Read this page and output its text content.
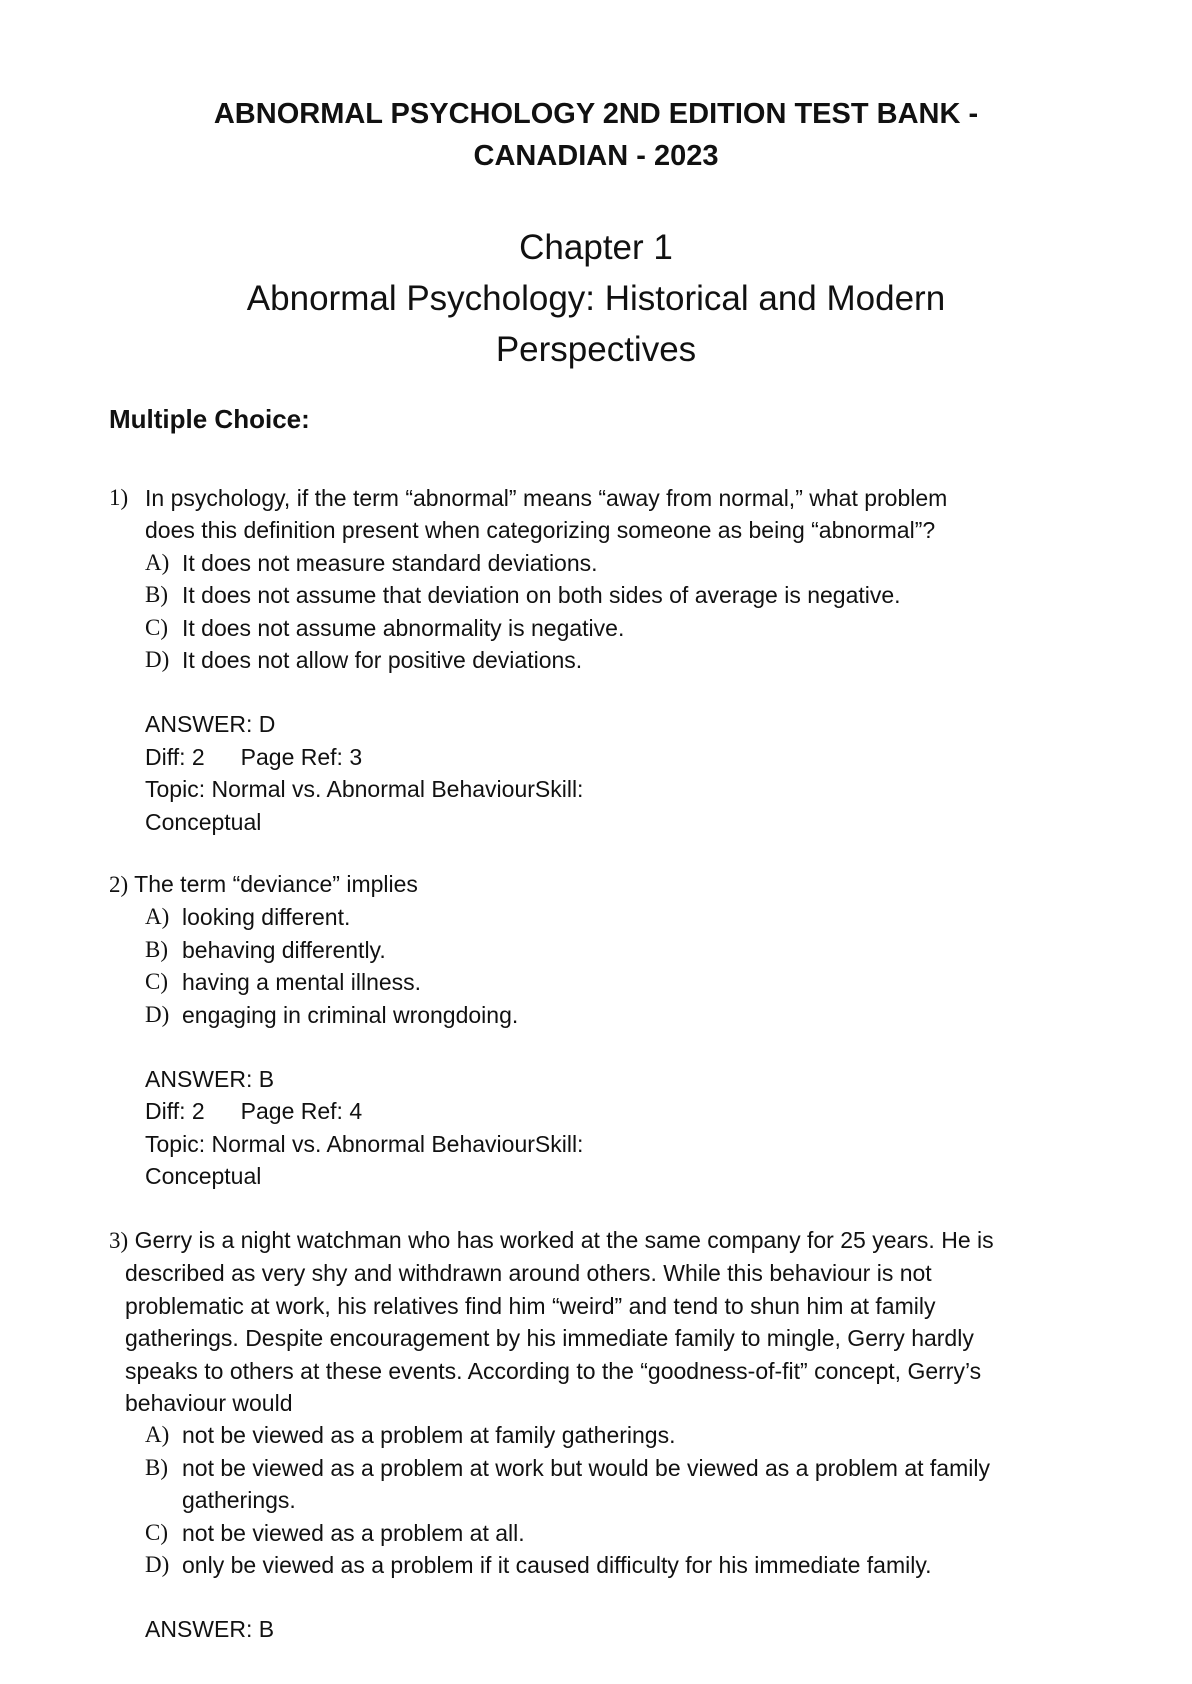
ABNORMAL PSYCHOLOGY 2ND EDITION TEST BANK -
CANADIAN - 2023
Chapter 1
Abnormal Psychology: Historical and Modern
Perspectives
Multiple Choice:
1) In psychology, if the term “abnormal” means “away from normal,” what problem
does this definition present when categorizing someone as being “abnormal”?
A) It does not measure standard deviations.
B) It does not assume that deviation on both sides of average is negative.
C) It does not assume abnormality is negative.
D) It does not allow for positive deviations.
ANSWER: D
Diff: 2 Page Ref: 3
Topic: Normal vs. Abnormal BehaviourSkill:
Conceptual
2) The term “deviance” implies
A) looking different.
B) behaving differently.
C) having a mental illness.
D) engaging in criminal wrongdoing.
ANSWER: B
Diff: 2 Page Ref: 4
Topic: Normal vs. Abnormal BehaviourSkill:
Conceptual
3) Gerry is a night watchman who has worked at the same company for 25 years. He is
described as very shy and withdrawn around others. While this behaviour is not
problematic at work, his relatives find him “weird” and tend to shun him at family
gatherings. Despite encouragement by his immediate family to mingle, Gerry hardly
speaks to others at these events. According to the “goodness-of-fit” concept, Gerry’s
behaviour would
A) not be viewed as a problem at family gatherings.
B) not be viewed as a problem at work but would be viewed as a problem at family
gatherings.
C) not be viewed as a problem at all.
D) only be viewed as a problem if it caused difficulty for his immediate family.
ANSWER: B
